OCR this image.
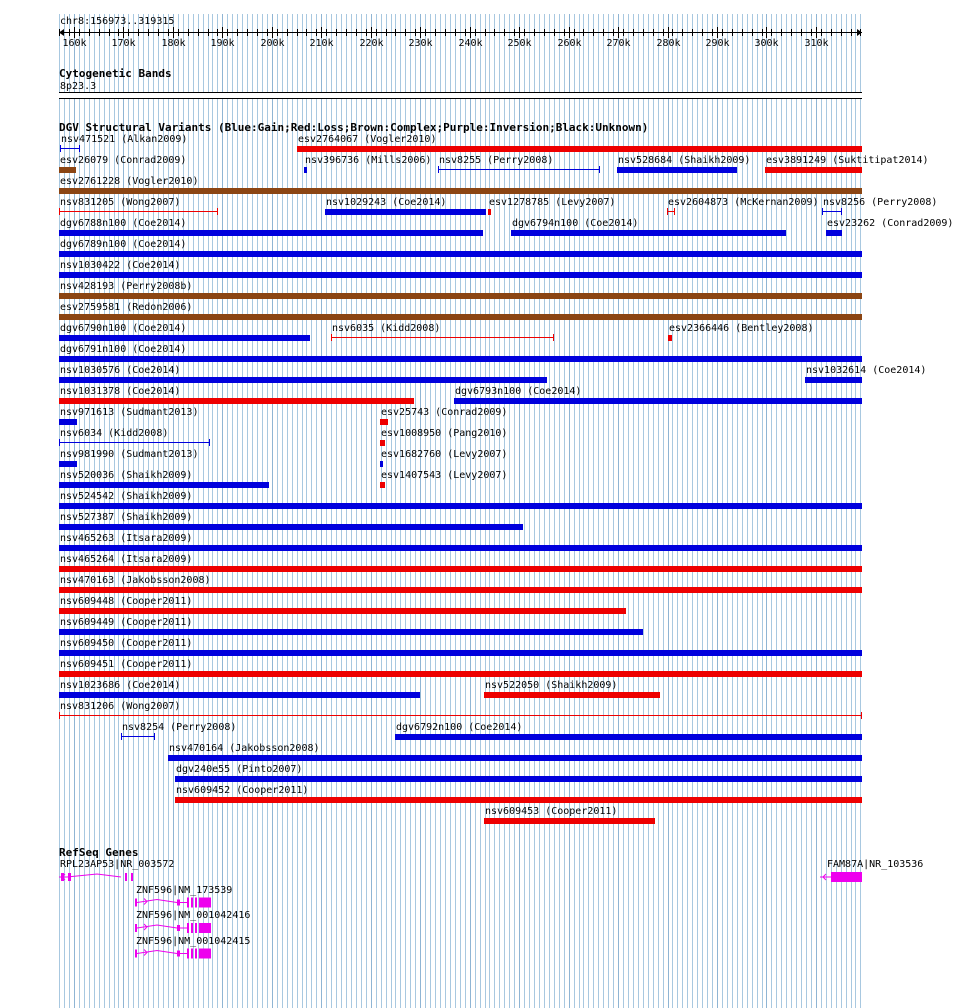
chr8:156973..319315
160k 170k	180k 190k	200k 210k	220k 230k	240k 250k	260k 270k	280k 290k 300k	310k
Cytogenetic Bands
8p23.3
DGV Structural Variants (Blue:Gain;Red:Loss;Brown:Complex;Purple:Inversion;Black:Unknown)
RefSeq Genes
nsv471521 (Alkan2009)	esv2764067 (Vogler2010)
esv26079 (Conrad2009)	nsv396736 (Mills2006) nsv8255 (Perry2008)	nsv528684 (Shaikh2009) esv3891249 (Suktitipat2014)
esv2761228 (Vogler2010)
nsv831205 (Wong2007)	nsv1029243 (Coe2014)	esv1278785 (Levy2007)	esv2604873 (McKernan2009) nsv8256 (Perry2008)
dgv6788n100 (Coe2014)	dgv6794n100 (Coe2014)	esv23262 (Conrad2009)
dgv6789n100 (Coe2014)
nsv1030422 (Coe2014)
nsv428193 (Perry2008b)
esv2759581 (Redon2006)
dgv6790n100 (Coe2014)	nsv6035 (Kidd2008)	esv2366446 (Bentley2008)
dgv6791n100 (Coe2014)
nsv1030576 (Coe2014)	nsv1032614 (Coe2014)
nsv1031378 (Coe2014)	dgv6793n100 (Coe2014)
nsv971613 (Sudmant2013)	esv25743 (Conrad2009)
nsv6034 (Kidd2008)	esv1008950 (Pang2010)
nsv981990 (Sudmant2013)	esv1682760 (Levy2007)
nsv520036 (Shaikh2009)	esv1407543 (Levy2007)
nsv524542 (Shaikh2009)
nsv527387 (Shaikh2009)
nsv465263 (Itsara2009)
nsv465264 (Itsara2009)
nsv470163 (Jakobsson2008)
nsv609448 (Cooper2011)
nsv609449 (Cooper2011)
nsv609450 (Cooper2011)
nsv609451 (Cooper2011)
nsv1023686 (Coe2014)	nsv522050 (Shaikh2009)
nsv831206 (Wong2007)
nsv8254 (Perry2008)	dgv6792n100 (Coe2014)
nsv470164 (Jakobsson2008)
dgv240e55 (Pinto2007)
nsv609452 (Cooper2011)
nsv609453 (Cooper2011)
RPL23AP53|NR_003572	FAM87A|NR_103536
ZNF596|NM_173539
ZNF596|NM_001042416
ZNF596|NM_001042415
